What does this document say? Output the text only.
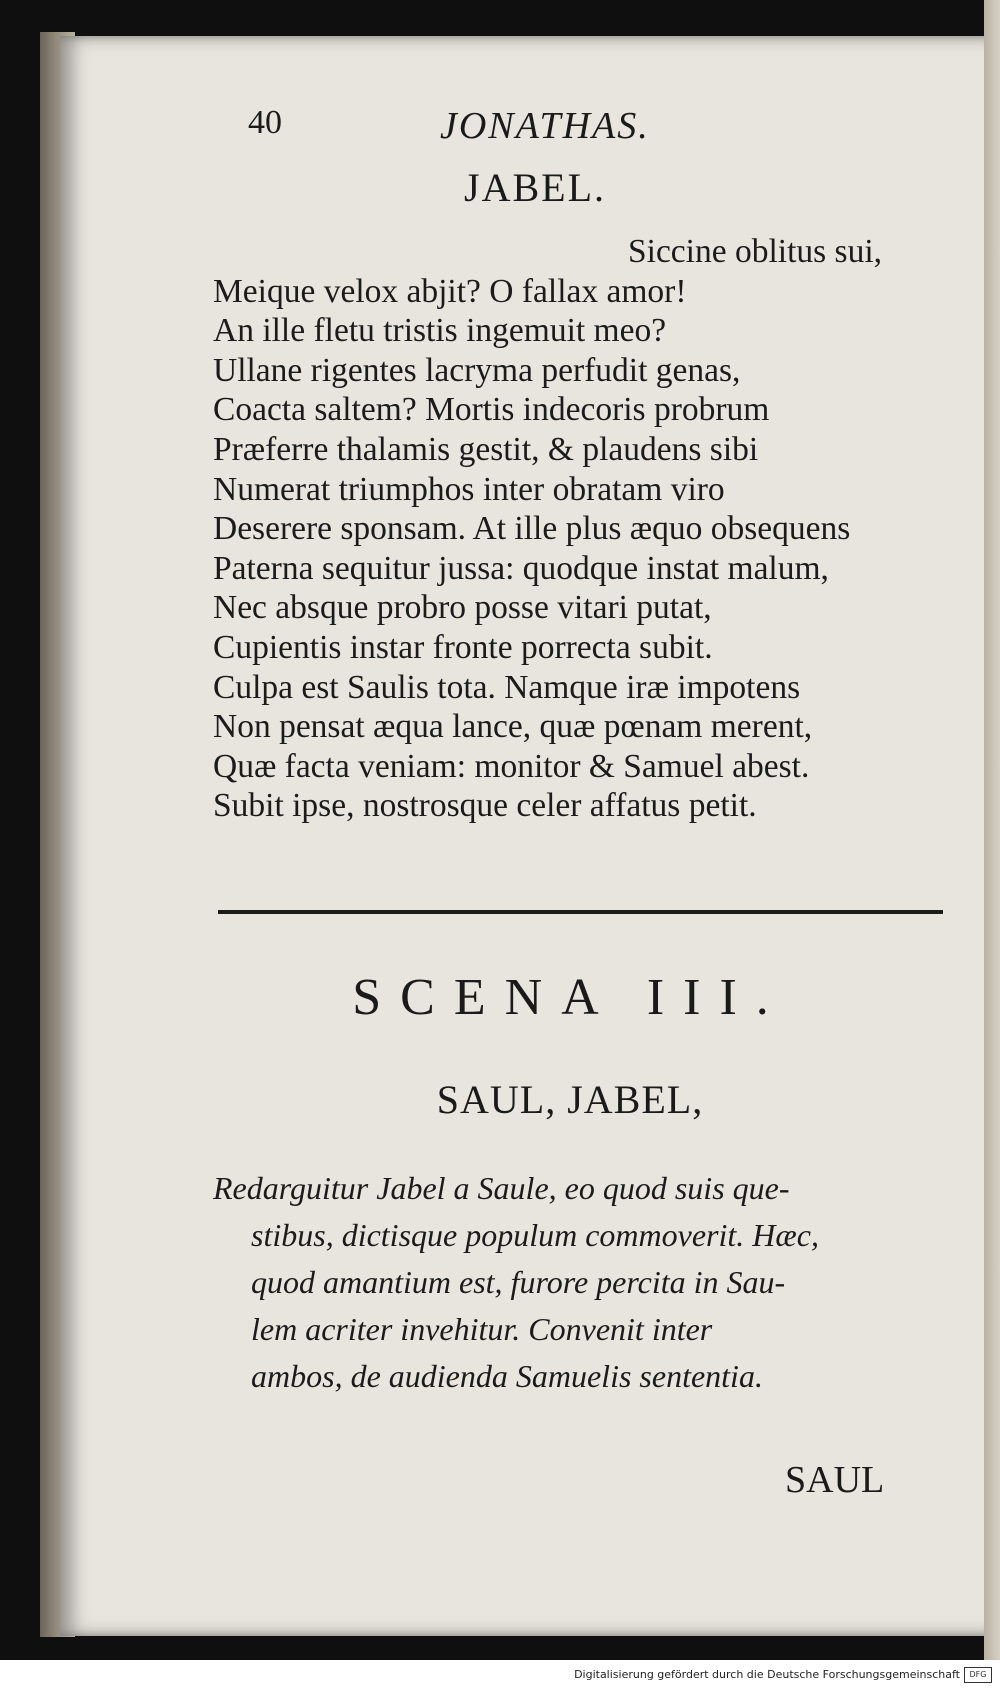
40	JONATHAS.
JABEL.
Siccine oblitus sui,
Meique velox abjit? O fallax amor!
An ille fletu tristis ingemuit meo?
Ullane rigentes lacryma perfudit genas,
Coacta saltem? Mortis indecoris probrum
Præferre thalamis gestit, & plaudens sibi
Numerat triumphos inter obratam viro
Deserere sponsam. At ille plus æquo obsequens
Paterna sequitur jussa: quodque instat malum,
Nec absque probro posse vitari putat,
Cupientis instar fronte porrecta subit.
Culpa est Saulis tota. Namque iræ impotens
Non pensat æqua lance, quæ pœnam merent,
Quæ facta veniam: monitor & Samuel abest.
Subit ipse, nostrosque celer affatus petit.
SCENA III.
SAUL, JABEL,
Redarguitur Jabel a Saule, eo quod suis que-
stibus, dictisque populum commoverit. Hæc,
quod amantium est, furore percita in Sau-
lem acriter invehitur. Convenit inter
ambos, de audienda Samuelis sententia.
SAUL
Digitalisierung gefördert durch die Deutsche Forschungsgemeinschaft	DFG
